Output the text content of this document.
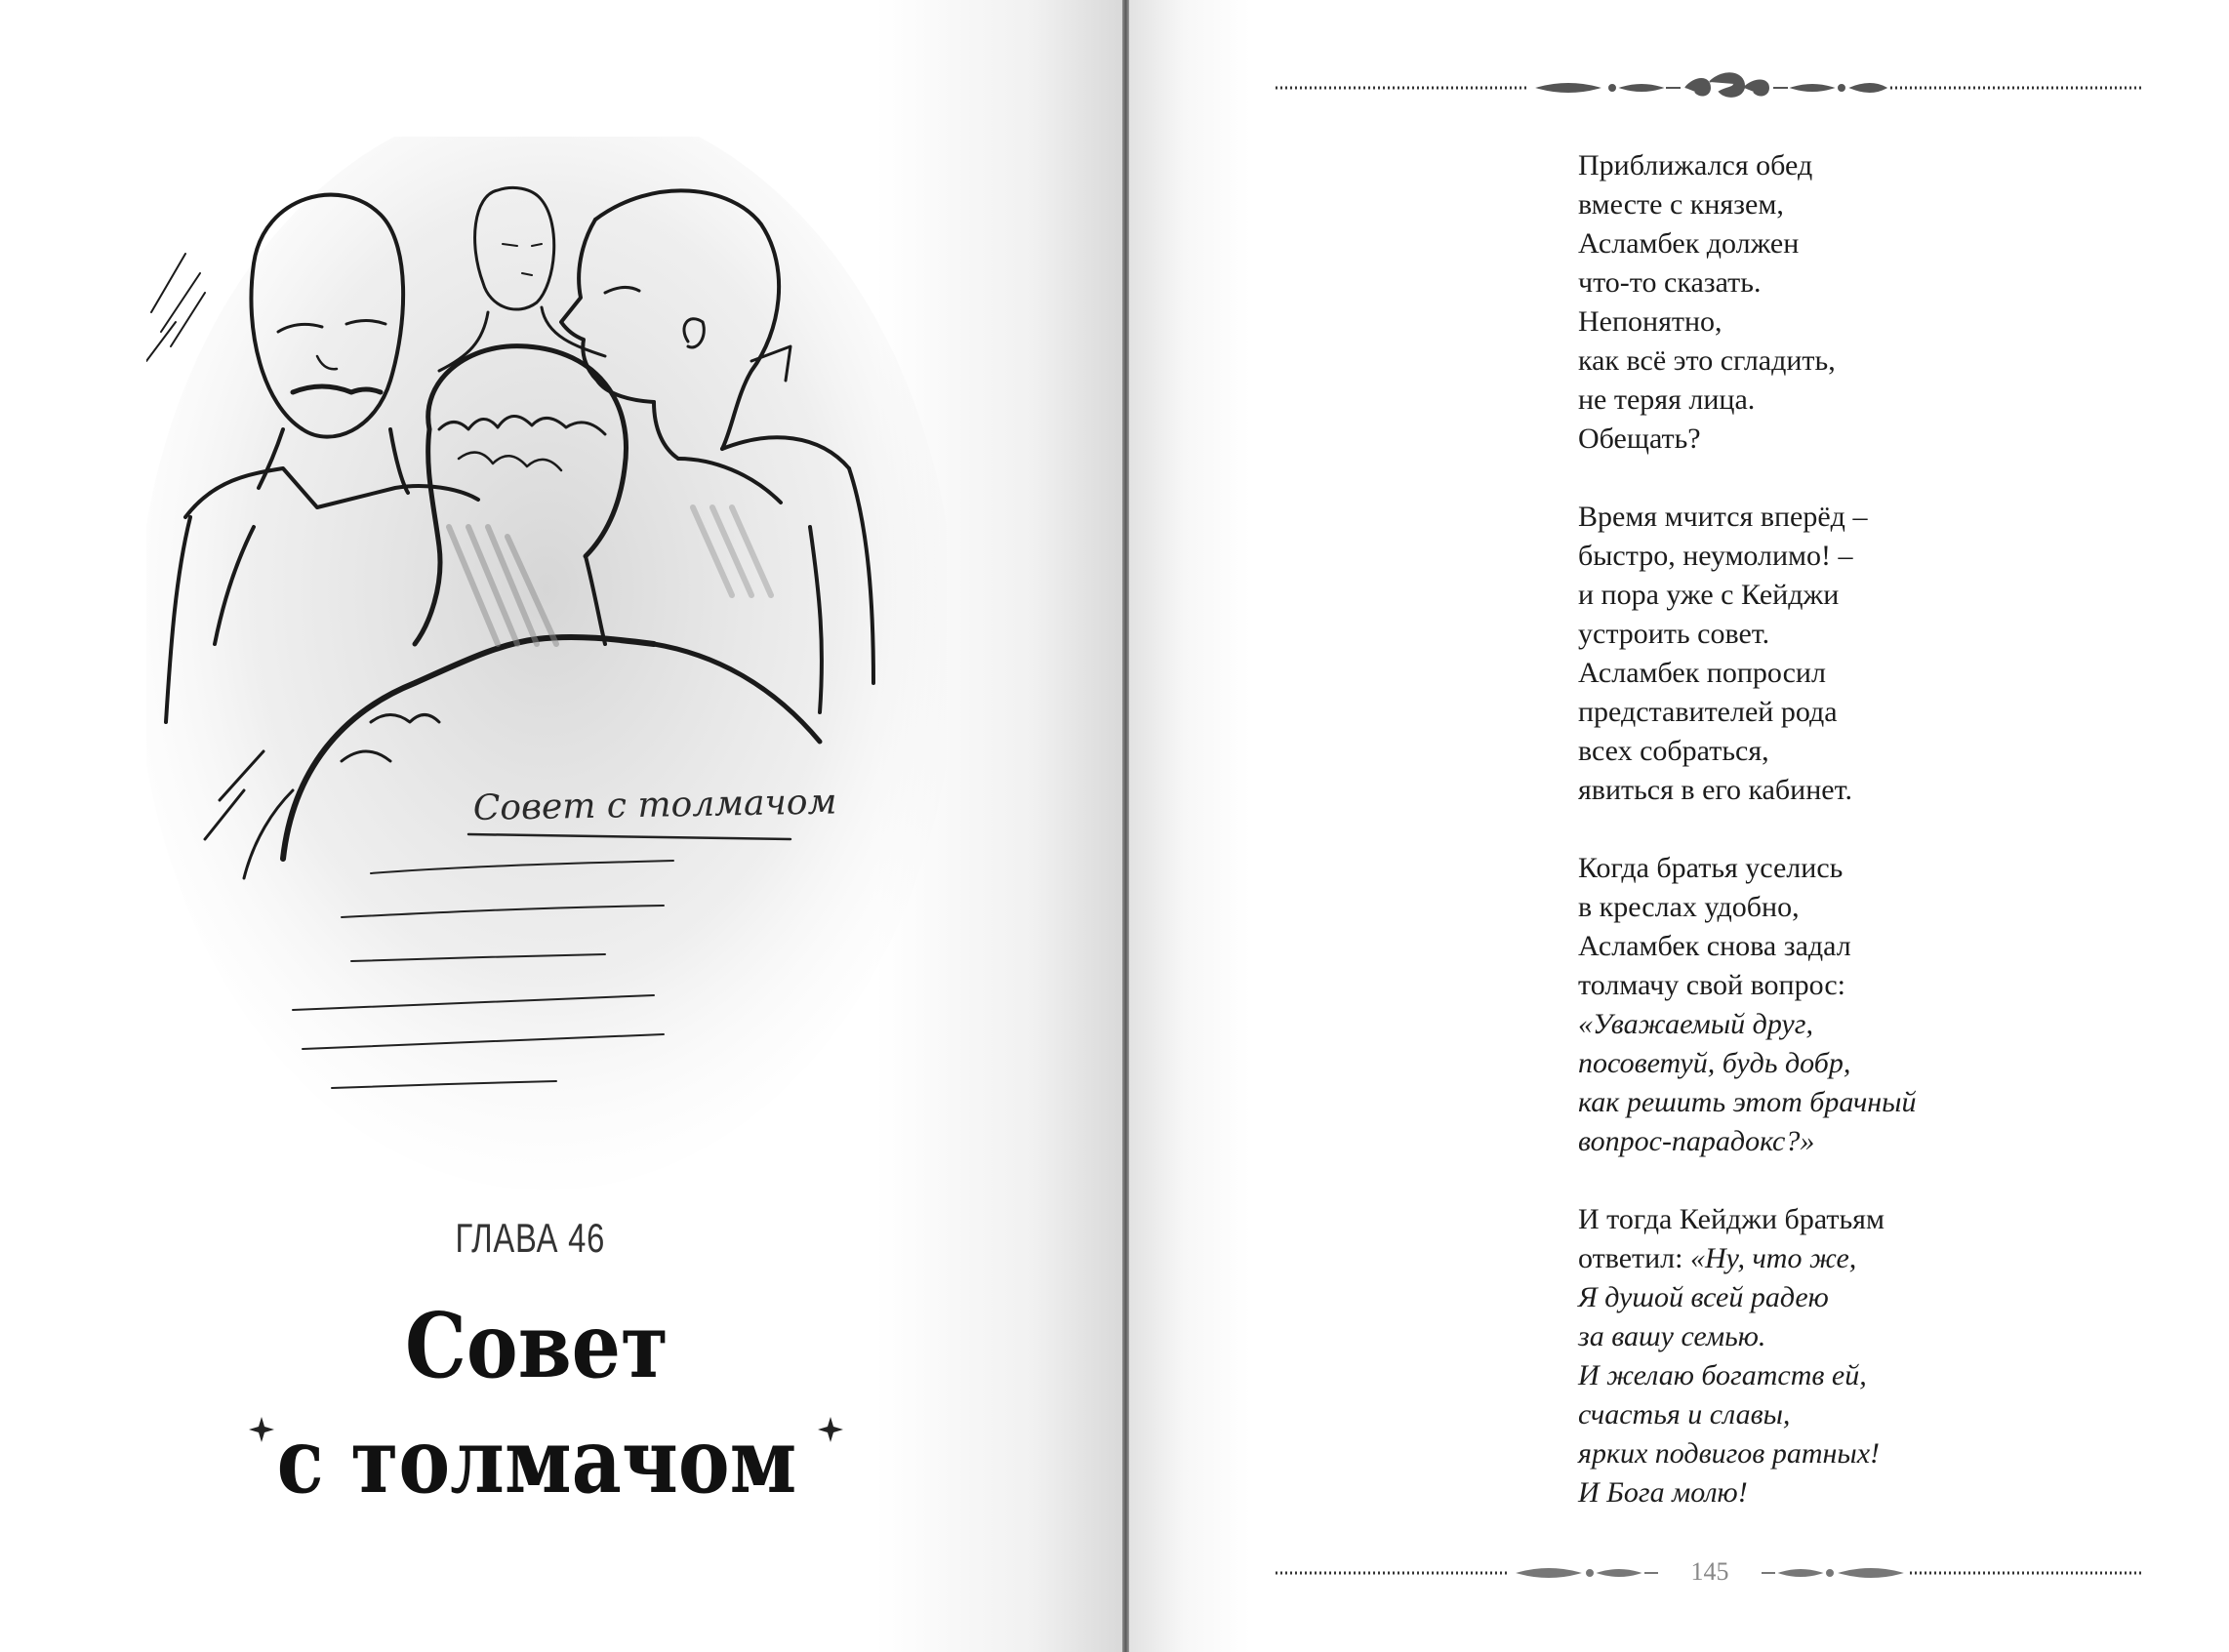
Совет с толмачом
ГЛАВА 46
Совет
с толмачом
Приближался обед
вместе с князем,
Асламбек должен
что-то сказать.
Непонятно,
как всё это сгладить,
не теряя лица.
Обещать?
Время мчится вперёд –
быстро, неумолимо! –
и пора уже с Кейджи
устроить совет.
Асламбек попросил
представителей рода
всех собраться,
явиться в его кабинет.
Когда братья уселись
в креслах удобно,
Асламбек снова задал
толмачу свой вопрос:
«Уважаемый друг,
посоветуй, будь добр,
как решить этот брачный
вопрос-парадокс?»
И тогда Кейджи братьям
ответил: «Ну, что же,
Я душой всей радею
за вашу семью.
И желаю богатств ей,
счастья и славы,
ярких подвигов ратных!
И Бога молю!
145
